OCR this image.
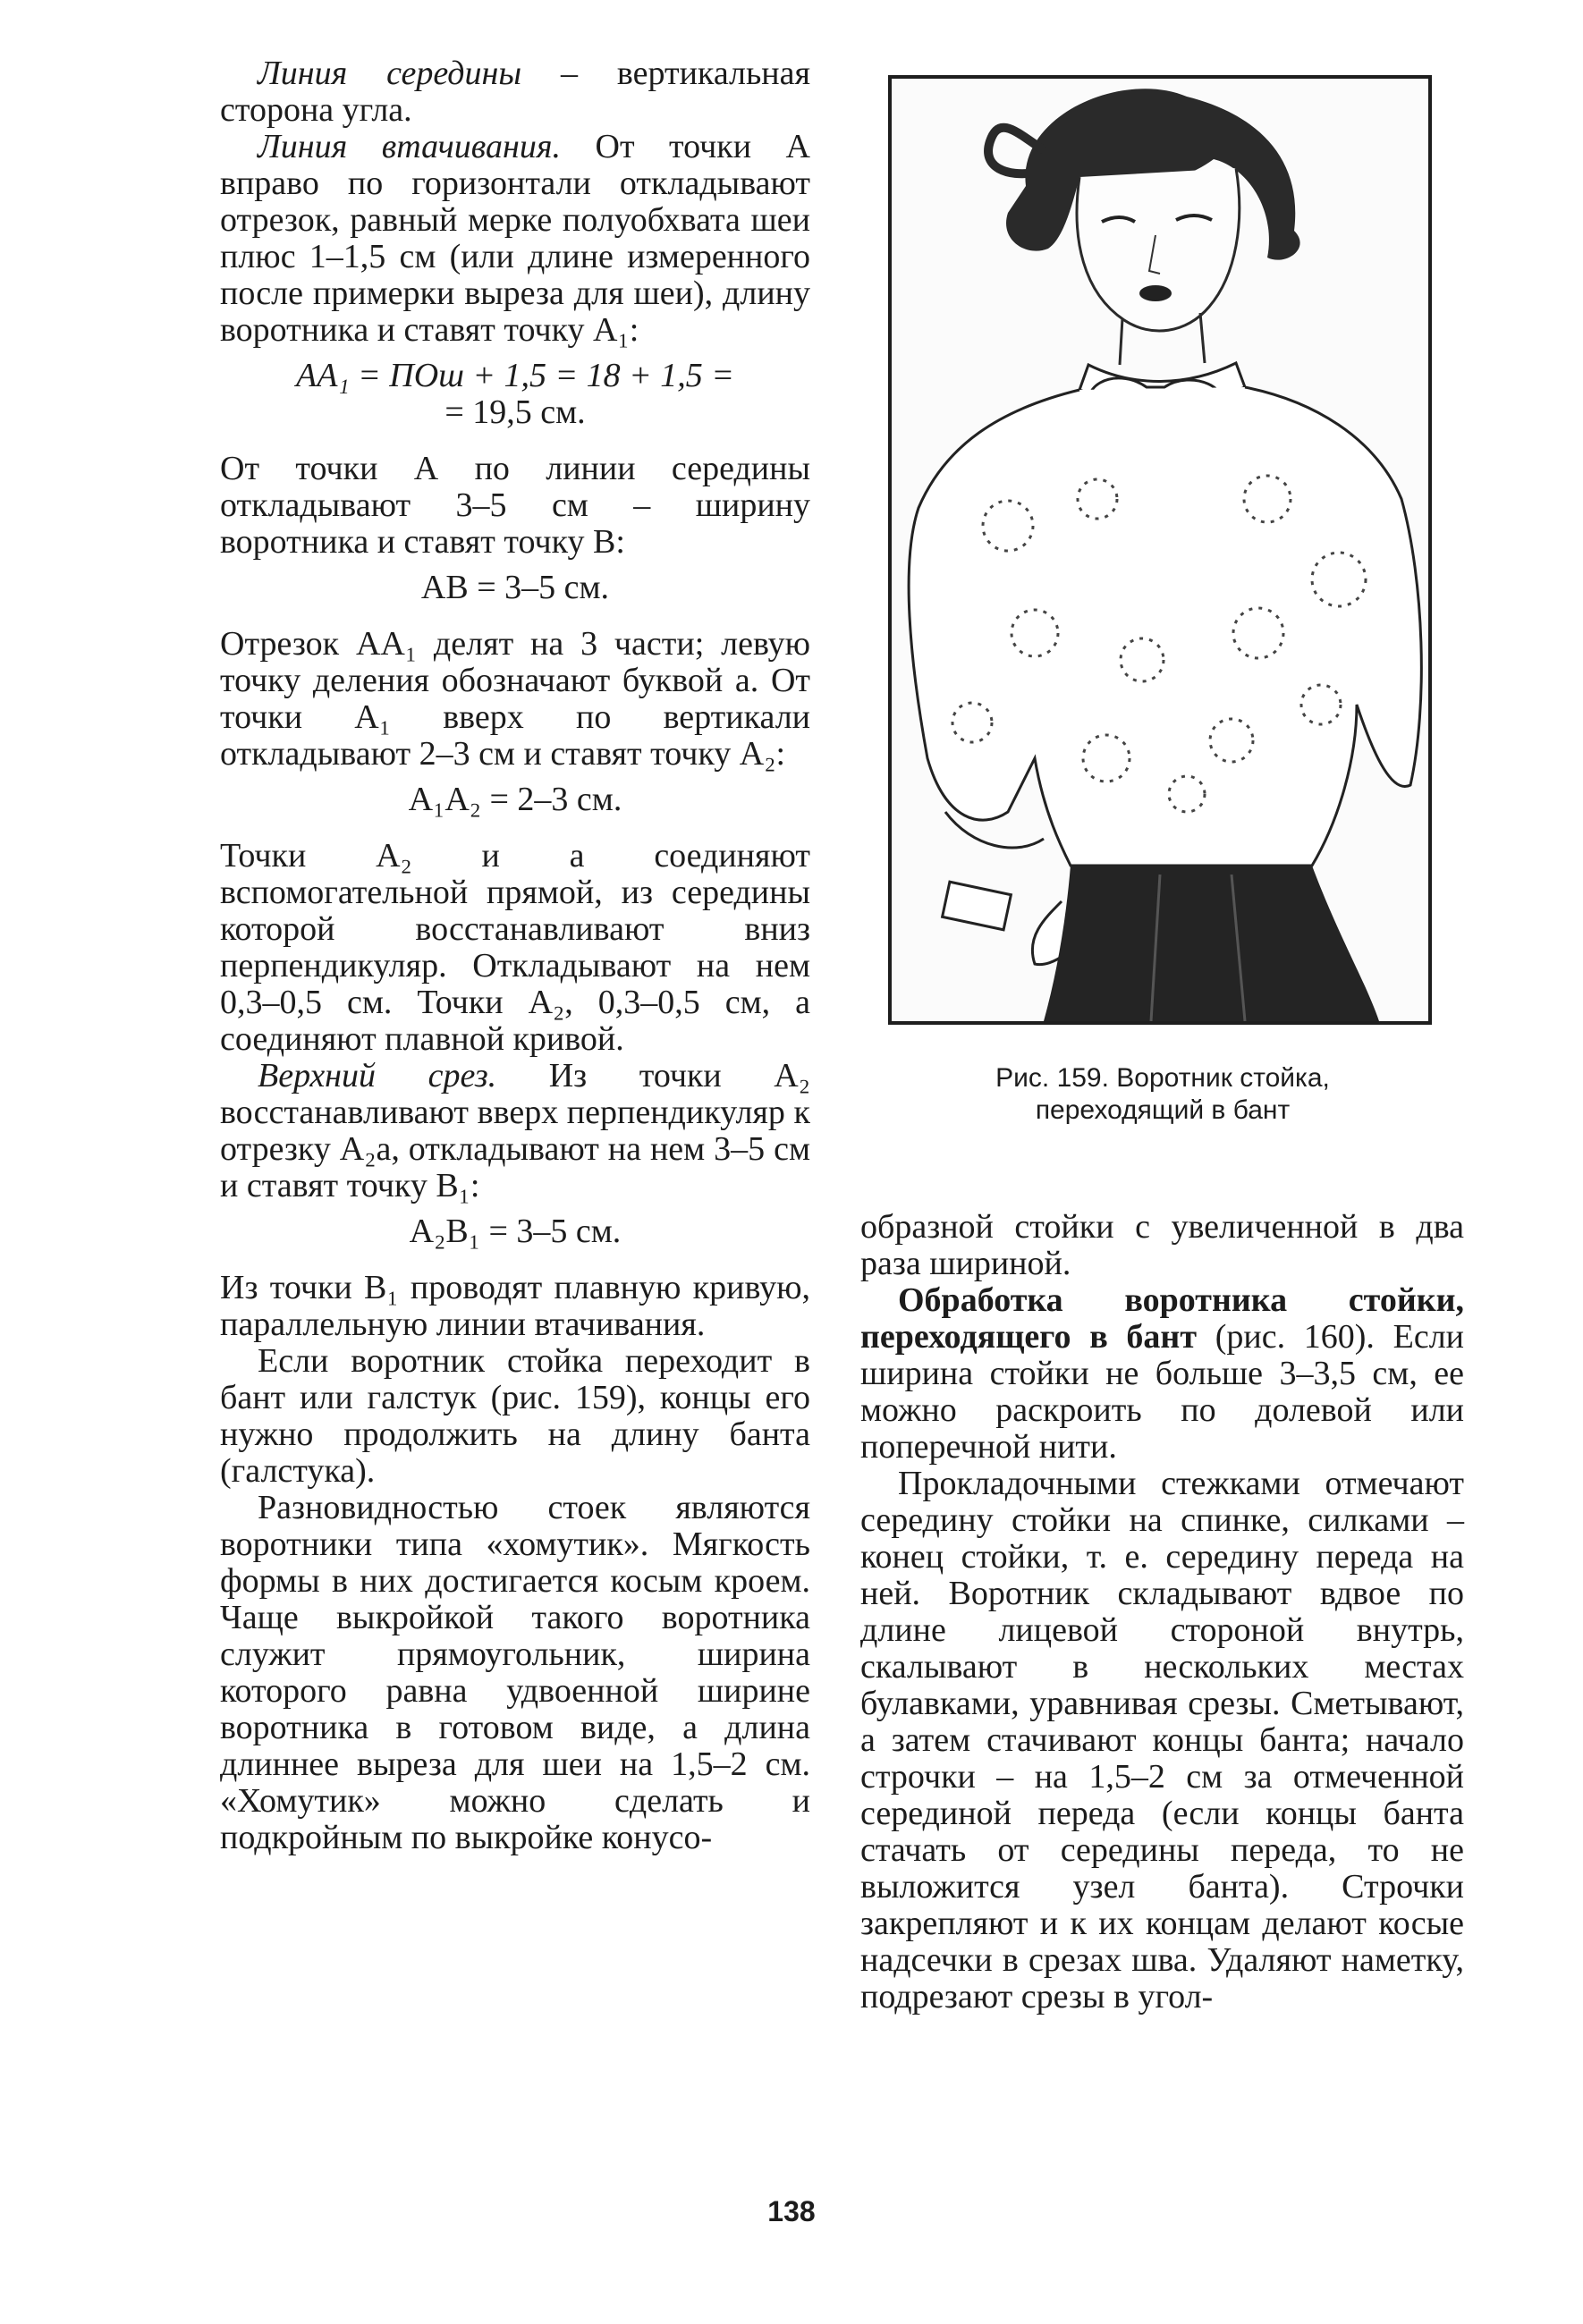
Линия середины – вертикальная сторона угла.

Линия втачивания. От точки А вправо по горизонтали откладывают отрезок, равный мерке полуобхвата шеи плюс 1–1,5 см (или длине измеренного после примерки выреза для шеи), длину воротника и ставят точку А₁:

АА₁ = ПОш + 1,5 = 18 + 1,5 =
= 19,5 см.

От точки А по линии середины откладывают 3–5 см – ширину воротника и ставят точку В:

АВ = 3–5 см.

Отрезок АА₁ делят на 3 части; левую точку деления обозначают буквой а. От точки А₁ вверх по вертикали откладывают 2–3 см и ставят точку А₂:

А₁А₂ = 2–3 см.

Точки А₂ и а соединяют вспомогательной прямой, из середины которой восстанавливают вниз перпендикуляр. Откладывают на нем 0,3–0,5 см. Точки А₂, 0,3–0,5 см, а соединяют плавной кривой.

Верхний срез. Из точки А₂ восстанавливают вверх перпендикуляр к отрезку А₂а, откладывают на нем 3–5 см и ставят точку В₁:

А₂В₁ = 3–5 см.

Из точки В₁ проводят плавную кривую, параллельную линии втачивания.

Если воротник стойка переходит в бант или галстук (рис. 159), концы его нужно продолжить на длину банта (галстука).

Разновидностью стоек являются воротники типа «хомутик». Мягкость формы в них достигается косым кроем. Чаще выкройкой такого воротника служит прямоугольник, ширина которого равна удвоенной ширине воротника в готовом виде, а длина длиннее выреза для шеи на 1,5–2 см. «Хомутик» можно сделать и подкройным по выкройке конусо-

Рис. 159. Воротник стойка,
переходящий в бант

образной стойки с увеличенной в два раза шириной.

Обработка воротника стойки, переходящего в бант (рис. 160). Если ширина стойки не больше 3–3,5 см, ее можно раскроить по долевой или поперечной нити.

Прокладочными стежками отмечают середину стойки на спинке, силками – конец стойки, т. е. середину переда на ней. Воротник складывают вдвое по длине лицевой стороной внутрь, скалывают в нескольких местах булавками, уравнивая срезы. Сметывают, а затем стачивают концы банта; начало строчки – на 1,5–2 см за отмеченной серединой переда (если концы банта стачать от середины переда, то не выложится узел банта). Строчки закрепляют и к их концам делают косые надсечки в срезах шва. Удаляют наметку, подрезают срезы в угол-

138
